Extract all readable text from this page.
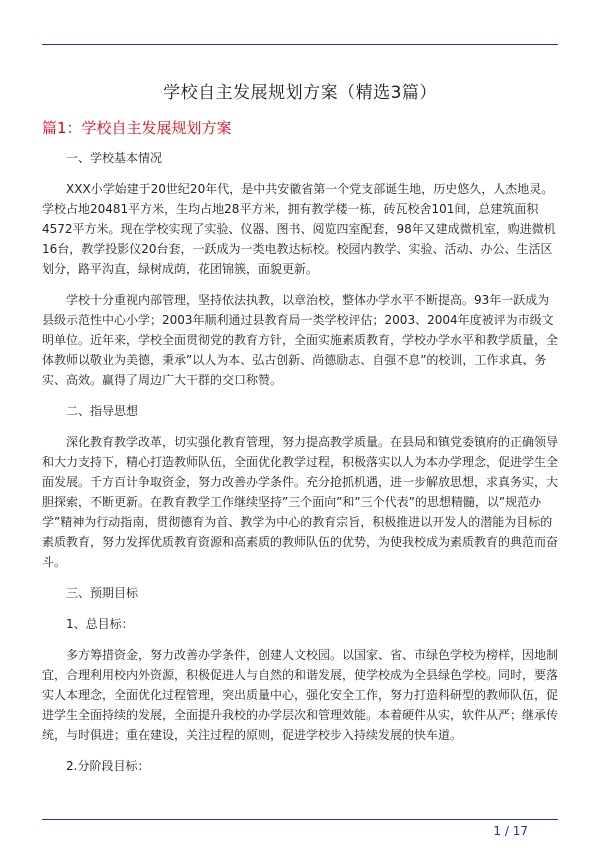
学校自主发展规划方案（精选3篇）
篇1：学校自主发展规划方案

一、学校基本情况

XXX小学始建于20世纪20年代，是中共安徽省第一个党支部诞生地，历史悠久，人杰地灵。学校占地20481平方米，生均占地28平方米，拥有教学楼一栋，砖瓦校舍101间，总建筑面积4572平方米。现在学校实现了实验、仪器、图书、阅览四室配套，98年又建成微机室，购进微机16台，教学投影仪20台套，一跃成为一类电教达标校。校园内教学、实验、活动、办公、生活区划分，路平沟直，绿树成荫，花团锦簇，面貌更新。

学校十分重视内部管理，坚持依法执教，以章治校，整体办学水平不断提高。93年一跃成为县级示范性中心小学；2003年顺利通过县教育局一类学校评估；2003、2004年度被评为市级文明单位。近年来，学校全面贯彻党的教育方针，全面实施素质教育，学校办学水平和教学质量，全体教师以敬业为美德，秉承”以人为本、弘古创新、尚德励志、自强不息”的校训，工作求真、务实、高效。赢得了周边广大干群的交口称赞。

二、指导思想

深化教育教学改革，切实强化教育管理，努力提高教学质量。在县局和镇党委镇府的正确领导和大力支持下，精心打造教师队伍，全面优化教学过程，积极落实以人为本办学理念，促进学生全面发展。千方百计争取资金，努力改善办学条件。充分抢抓机遇，进一步解放思想，求真务实，大胆探索，不断更新。在教育教学工作继续坚持”三个面向”和”三个代表”的思想精髓，以”规范办学”精神为行动指南，贯彻德育为首、教学为中心的教育宗旨，积极推进以开发人的潜能为目标的素质教育，努力发挥优质教育资源和高素质的教师队伍的优势，为使我校成为素质教育的典范而奋斗。

三、预期目标

1、总目标：

多方筹措资金，努力改善办学条件，创建人文校园。以国家、省、市绿色学校为榜样，因地制宜，合理利用校内外资源，积极促进人与自然的和谐发展，使学校成为全县绿色学校。同时，要落实人本理念，全面优化过程管理，突出质量中心，强化安全工作，努力打造科研型的教师队伍，促进学生全面持续的发展，全面提升我校的办学层次和管理效能。本着硬件从实，软件从严；继承传统，与时俱进；重在建设，关注过程的原则，促进学校步入持续发展的快车道。

2.分阶段目标：

1 / 17
